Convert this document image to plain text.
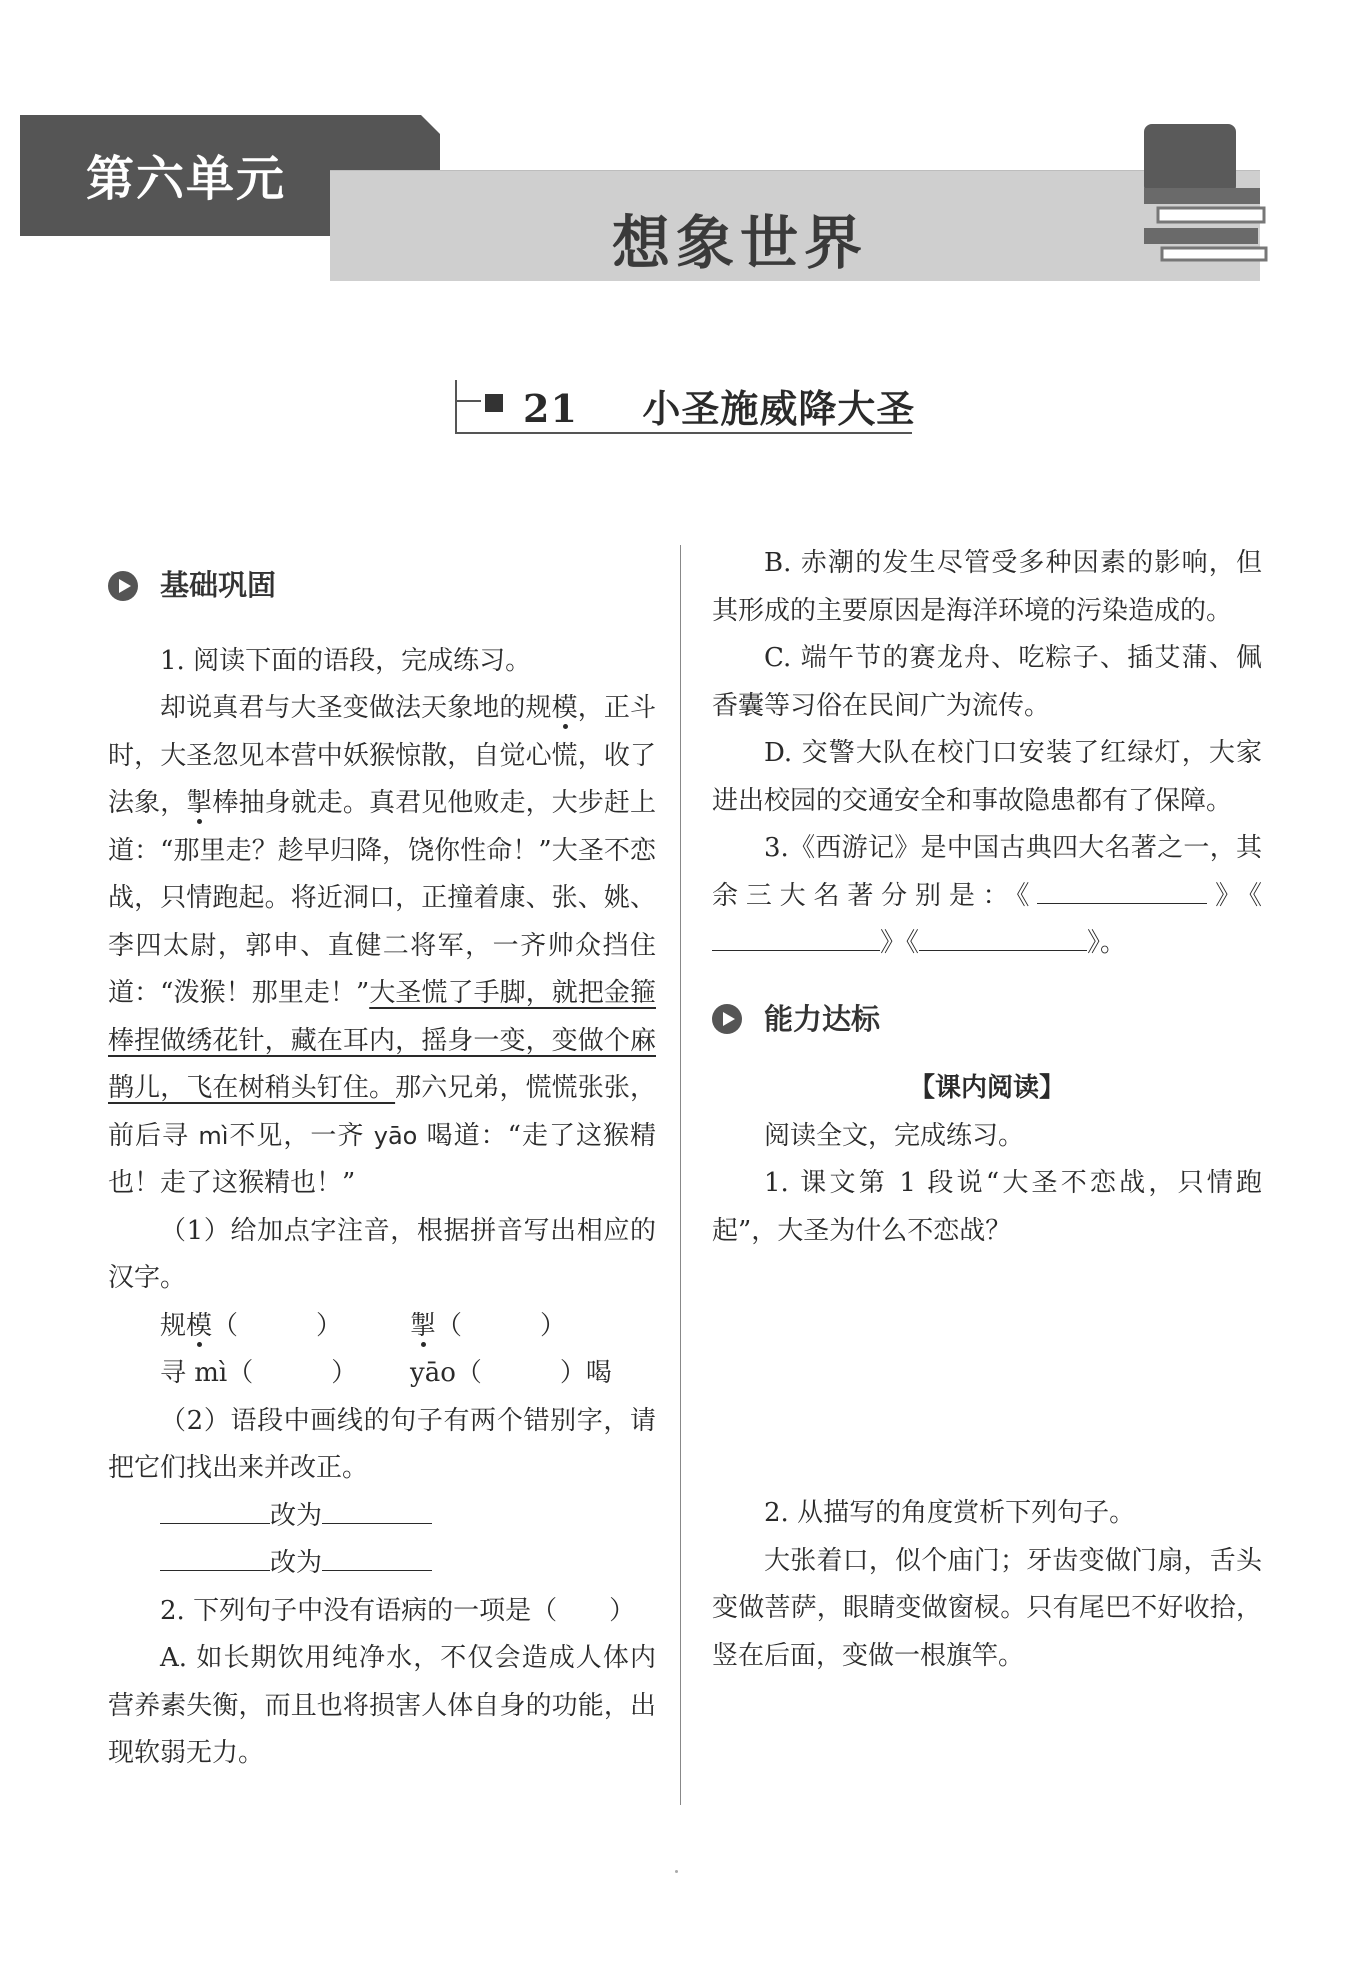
第六单元
想象世界
21 小圣施威降大圣
基础巩固

1. 阅读下面的语段，完成练习。

却说真君与大圣变做法天象地的规模，正斗时，大圣忽见本营中妖猴惊散，自觉心慌，收了法象，掣棒抽身就走。真君见他败走，大步赶上道：“那里走？趁早归降，饶你性命！”大圣不恋战，只情跑起。将近洞口，正撞着康、张、姚、李四太尉，郭申、直健二将军，一齐帅众挡住道：“泼猴！那里走！”大圣慌了手脚，就把金箍棒捏做绣花针，藏在耳内，摇身一变，变做个麻鹊儿，飞在树稍头钉住。那六兄弟，慌慌张张，前后寻 mì不见，一齐 yāo 喝道：“走了这猴精也！走了这猴精也！”

（1）给加点字注音，根据拼音写出相应的汉字。

规模（　　　）	掣（　　　）
寻 mì（　　　）	yāo（　　　）喝

（2）语段中画线的句子有两个错别字，请把它们找出来并改正。

改为
改为

2. 下列句子中没有语病的一项是（　　）

A. 如长期饮用纯净水，不仅会造成人体内营养素失衡，而且也将损害人体自身的功能，出现软弱无力。

B. 赤潮的发生尽管受多种因素的影响，但其形成的主要原因是海洋环境的污染造成的。

C. 端午节的赛龙舟、吃粽子、插艾蒲、佩香囊等习俗在民间广为流传。

D. 交警大队在校门口安装了红绿灯，大家进出校园的交通安全和事故隐患都有了保障。

3.《西游记》是中国古典四大名著之一，其余三大名著分别是：《	》《》《	》。

能力达标

【课内阅读】

阅读全文，完成练习。

1. 课文第 1 段说“大圣不恋战，只情跑起”，大圣为什么不恋战？

2. 从描写的角度赏析下列句子。

大张着口，似个庙门；牙齿变做门扇，舌头变做菩萨，眼睛变做窗棂。只有尾巴不好收拾，竖在后面，变做一根旗竿。
